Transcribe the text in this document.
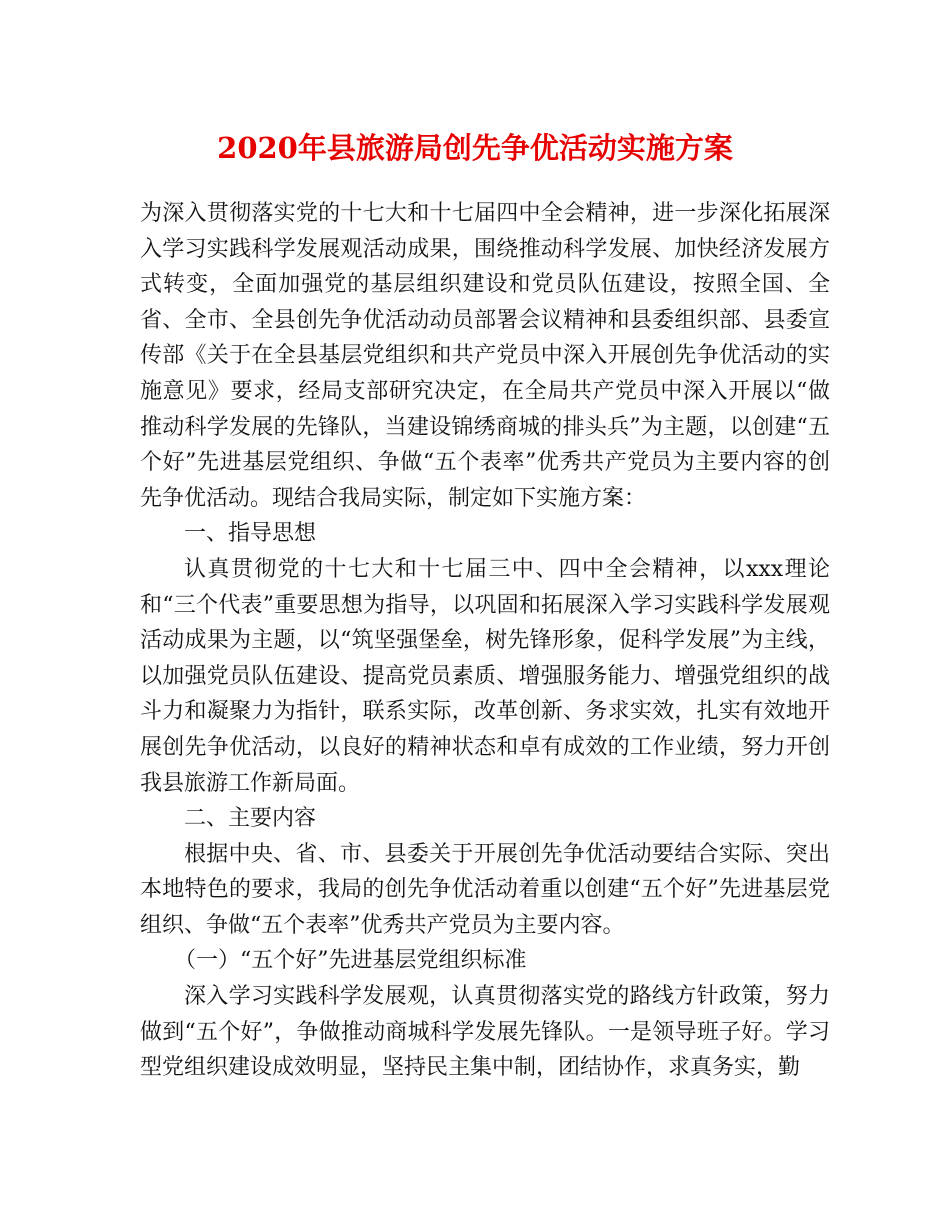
2020年县旅游局创先争优活动实施方案

为深入贯彻落实党的十七大和十七届四中全会精神，进一步深化拓展深入学习实践科学发展观活动成果，围绕推动科学发展、加快经济发展方式转变，全面加强党的基层组织建设和党员队伍建设，按照全国、全省、全市、全县创先争优活动动员部署会议精神和县委组织部、县委宣传部《关于在全县基层党组织和共产党员中深入开展创先争优活动的实施意见》要求，经局支部研究决定，在全局共产党员中深入开展以“做推动科学发展的先锋队，当建设锦绣商城的排头兵”为主题，以创建“五个好”先进基层党组织、争做“五个表率”优秀共产党员为主要内容的创先争优活动。现结合我局实际，制定如下实施方案：

一、指导思想

认真贯彻党的十七大和十七届三中、四中全会精神，以xxx理论和“三个代表”重要思想为指导，以巩固和拓展深入学习实践科学发展观活动成果为主题，以“筑坚强堡垒，树先锋形象，促科学发展”为主线，以加强党员队伍建设、提高党员素质、增强服务能力、增强党组织的战斗力和凝聚力为指针，联系实际，改革创新、务求实效，扎实有效地开展创先争优活动，以良好的精神状态和卓有成效的工作业绩，努力开创我县旅游工作新局面。

二、主要内容

根据中央、省、市、县委关于开展创先争优活动要结合实际、突出本地特色的要求，我局的创先争优活动着重以创建“五个好”先进基层党组织、争做“五个表率”优秀共产党员为主要内容。

（一）“五个好”先进基层党组织标准

深入学习实践科学发展观，认真贯彻落实党的路线方针政策，努力做到“五个好”，争做推动商城科学发展先锋队。一是领导班子好。学习型党组织建设成效明显，坚持民主集中制，团结协作，求真务实，勤
